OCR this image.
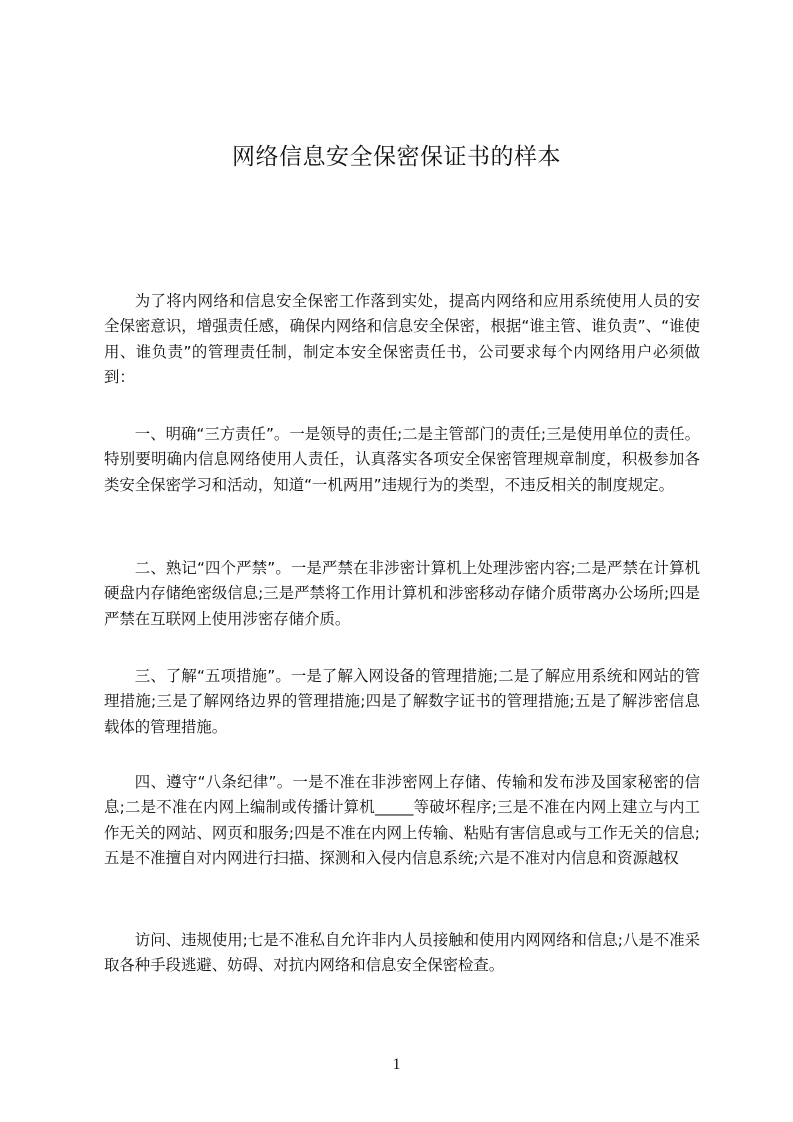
网络信息安全保密保证书的样本

为了将内网络和信息安全保密工作落到实处，提高内网络和应用系统使用人员的安全保密意识，增强责任感，确保内网络和信息安全保密，根据“谁主管、谁负责”、“谁使用、谁负责”的管理责任制，制定本安全保密责任书，公司要求每个内网络用户必须做到：

一、明确“三方责任”。一是领导的责任;二是主管部门的责任;三是使用单位的责任。特别要明确内信息网络使用人责任，认真落实各项安全保密管理规章制度，积极参加各类安全保密学习和活动，知道“一机两用”违规行为的类型，不违反相关的制度规定。

二、熟记“四个严禁”。一是严禁在非涉密计算机上处理涉密内容;二是严禁在计算机硬盘内存储绝密级信息;三是严禁将工作用计算机和涉密移动存储介质带离办公场所;四是严禁在互联网上使用涉密存储介质。

三、了解“五项措施”。一是了解入网设备的管理措施;二是了解应用系统和网站的管理措施;三是了解网络边界的管理措施;四是了解数字证书的管理措施;五是了解涉密信息载体的管理措施。

四、遵守“八条纪律”。一是不准在非涉密网上存储、传输和发布涉及国家秘密的信息;二是不准在内网上编制或传播计算机_____等破坏程序;三是不准在内网上建立与内工作无关的网站、网页和服务;四是不准在内网上传输、粘贴有害信息或与工作无关的信息;五是不准擅自对内网进行扫描、探测和入侵内信息系统;六是不准对内信息和资源越权

访问、违规使用;七是不准私自允许非内人员接触和使用内网网络和信息;八是不准采取各种手段逃避、妨碍、对抗内网络和信息安全保密检查。

1
